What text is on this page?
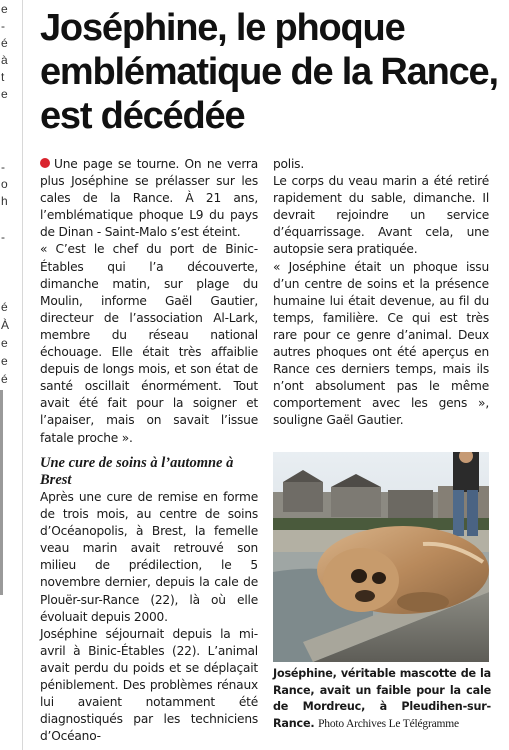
e
-
é
à
t
e
-
o
h
-
é
À
e
e
é
Joséphine, le phoque emblématique de la Rance, est décédée

Une page se tourne. On ne verra plus Joséphine se prélasser sur les cales de la Rance. À 21 ans, l’emblématique phoque L9 du pays de Dinan - Saint-Malo s’est éteint.

« C’est le chef du port de Binic-Étables qui l’a découverte, dimanche matin, sur plage du Moulin, informe Gaël Gautier, directeur de l’association Al-Lark, membre du réseau national échouage. Elle était très affaiblie depuis de longs mois, et son état de santé oscillait énormément. Tout avait été fait pour la soigner et l’apaiser, mais on savait l’issue fatale proche ».

Une cure de soins à l’automne à Brest

Après une cure de remise en forme de trois mois, au centre de soins d’Océanopolis, à Brest, la femelle veau marin avait retrouvé son milieu de prédilection, le 5 novembre dernier, depuis la cale de Plouër-sur-Rance (22), là où elle évoluait depuis 2000.

Joséphine séjournait depuis la mi-avril à Binic-Étables (22). L’animal avait perdu du poids et se déplaçait péniblement. Des problèmes rénaux lui avaient notamment été diagnostiqués par les techniciens d’Océano-

polis.

Le corps du veau marin a été retiré rapidement du sable, dimanche. Il devrait rejoindre un service d’équarrissage. Avant cela, une autopsie sera pratiquée.

« Joséphine était un phoque issu d’un centre de soins et la présence humaine lui était devenue, au fil du temps, familière. Ce qui est très rare pour ce genre d’animal. Deux autres phoques ont été aperçus en Rance ces derniers temps, mais ils n’ont absolument pas le même comportement avec les gens », souligne Gaël Gautier.

Joséphine, véritable mascotte de la Rance, avait un faible pour la cale de Mordreuc, à Pleudihen-sur-Rance. Photo Archives Le Télégramme
